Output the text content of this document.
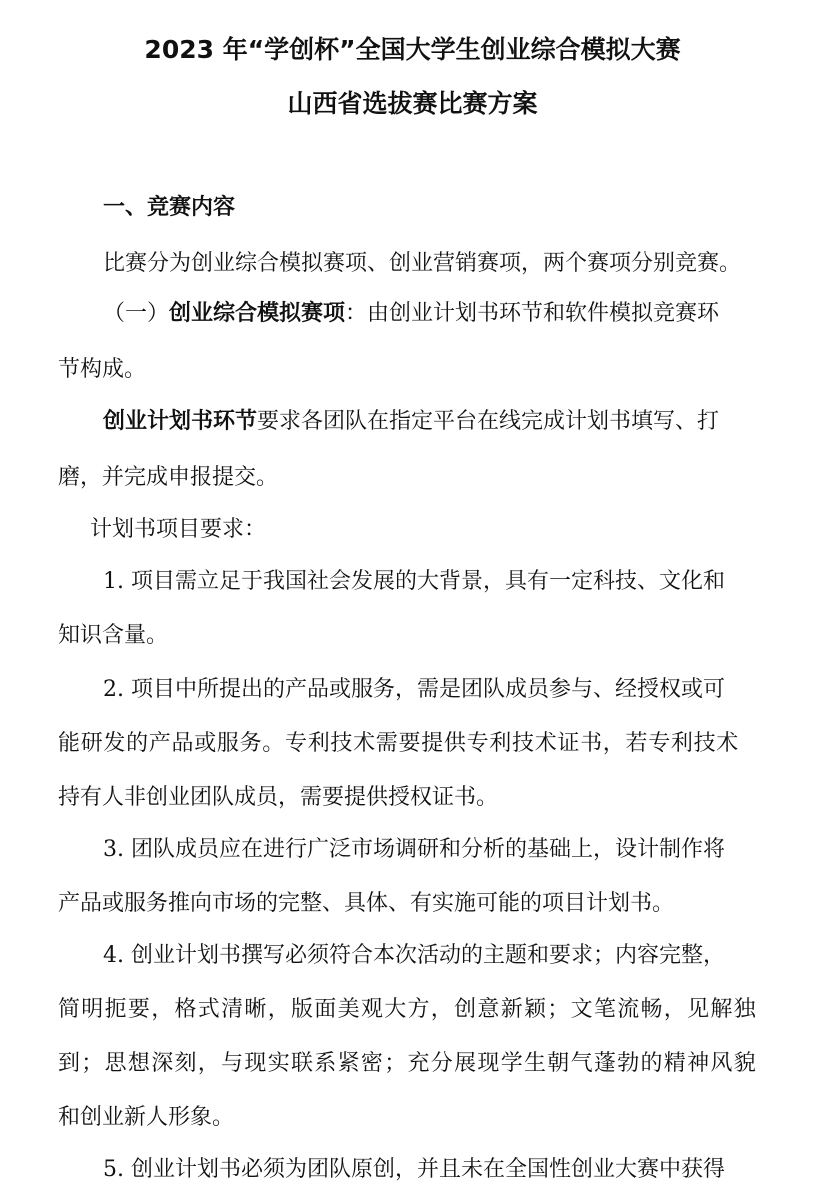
2023 年“学创杯”全国大学生创业综合模拟大赛
山西省选拔赛比赛方案

一、竞赛内容

比赛分为创业综合模拟赛项、创业营销赛项，两个赛项分别竞赛。

（一）创业综合模拟赛项：由创业计划书环节和软件模拟竞赛环

节构成。

创业计划书环节要求各团队在指定平台在线完成计划书填写、打

磨，并完成申报提交。

计划书项目要求：

1. 项目需立足于我国社会发展的大背景，具有一定科技、文化和

知识含量。

2. 项目中所提出的产品或服务，需是团队成员参与、经授权或可

能研发的产品或服务。专利技术需要提供专利技术证书，若专利技术

持有人非创业团队成员，需要提供授权证书。

3. 团队成员应在进行广泛市场调研和分析的基础上，设计制作将

产品或服务推向市场的完整、具体、有实施可能的项目计划书。

4. 创业计划书撰写必须符合本次活动的主题和要求；内容完整，

简明扼要，格式清晰，版面美观大方，创意新颖；文笔流畅，见解独

到；思想深刻，与现实联系紧密；充分展现学生朝气蓬勃的精神风貌

和创业新人形象。

5. 创业计划书必须为团队原创，并且未在全国性创业大赛中获得
